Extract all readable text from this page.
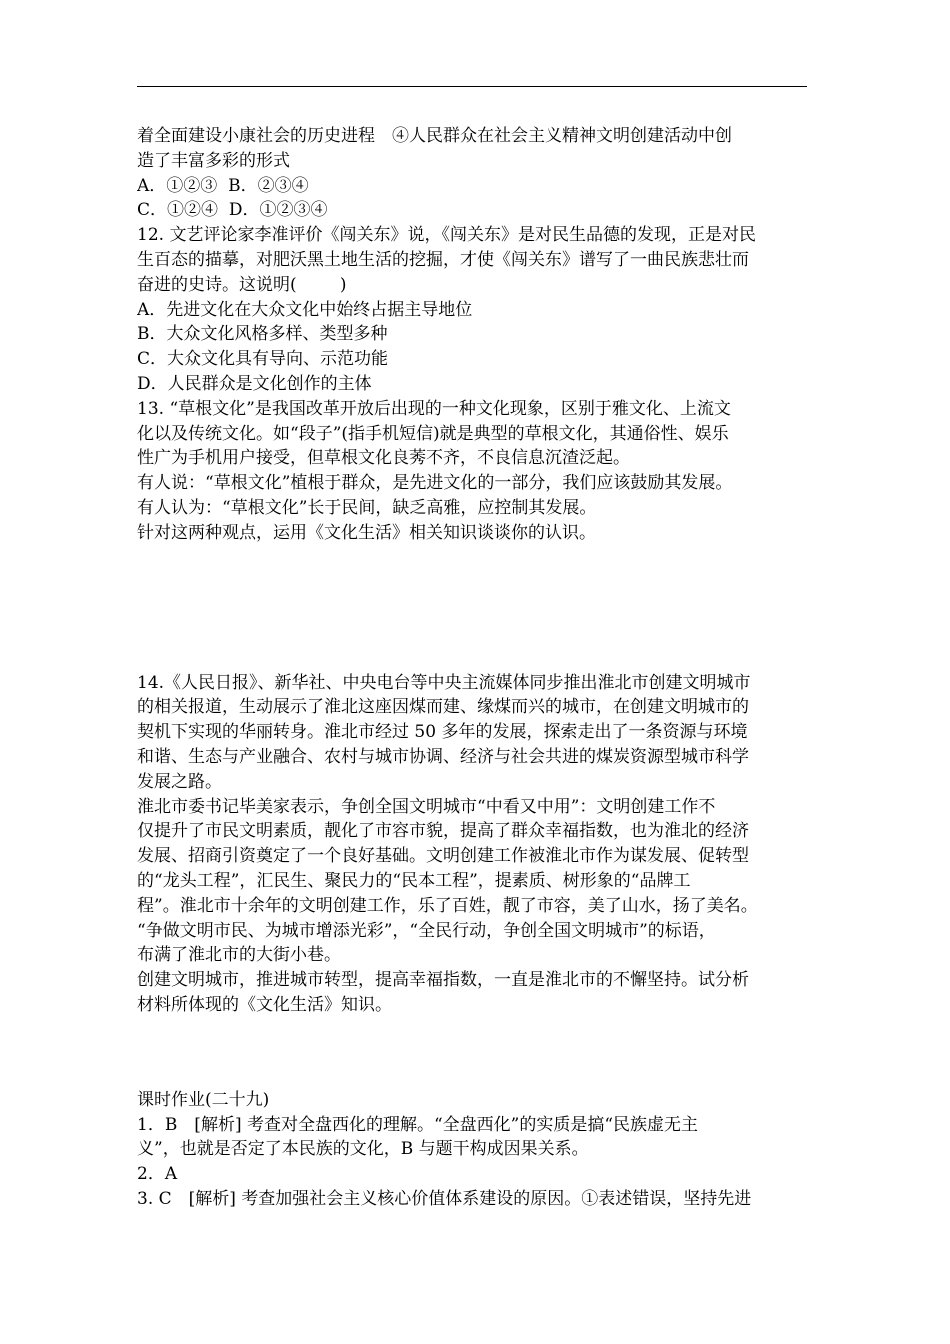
着全面建设小康社会的历史进程　④人民群众在社会主义精神文明创建活动中创
造了丰富多彩的形式
A．①②③  B．②③④
C．①②④  D．①②③④
12. 文艺评论家李准评价《闯关东》说，《闯关东》是对民生品德的发现，正是对民
生百态的描摹，对肥沃黑土地生活的挖掘，才使《闯关东》谱写了一曲民族悲壮而
奋进的史诗。这说明(        )
A．先进文化在大众文化中始终占据主导地位
B．大众文化风格多样、类型多种
C．大众文化具有导向、示范功能
D．人民群众是文化创作的主体
13. “草根文化”是我国改革开放后出现的一种文化现象，区别于雅文化、上流文
化以及传统文化。如“段子”(指手机短信)就是典型的草根文化，其通俗性、娱乐
性广为手机用户接受，但草根文化良莠不齐，不良信息沉渣泛起。
有人说：“草根文化”植根于群众，是先进文化的一部分，我们应该鼓励其发展。
有人认为：“草根文化”长于民间，缺乏高雅，应控制其发展。
针对这两种观点，运用《文化生活》相关知识谈谈你的认识。
14.《人民日报》、新华社、中央电台等中央主流媒体同步推出淮北市创建文明城市
的相关报道，生动展示了淮北这座因煤而建、缘煤而兴的城市，在创建文明城市的
契机下实现的华丽转身。淮北市经过 50 多年的发展，探索走出了一条资源与环境
和谐、生态与产业融合、农村与城市协调、经济与社会共进的煤炭资源型城市科学
发展之路。
淮北市委书记毕美家表示，争创全国文明城市“中看又中用”：文明创建工作不
仅提升了市民文明素质，靓化了市容市貌，提高了群众幸福指数，也为淮北的经济
发展、招商引资奠定了一个良好基础。文明创建工作被淮北市作为谋发展、促转型
的“龙头工程”，汇民生、聚民力的“民本工程”，提素质、树形象的“品牌工
程”。淮北市十余年的文明创建工作，乐了百姓，靓了市容，美了山水，扬了美名。
“争做文明市民、为城市增添光彩”，“全民行动，争创全国文明城市”的标语，
布满了淮北市的大街小巷。
创建文明城市，推进城市转型，提高幸福指数，一直是淮北市的不懈坚持。试分析
材料所体现的《文化生活》知识。
课时作业(二十九)
1．B　[解析] 考查对全盘西化的理解。“全盘西化”的实质是搞“民族虚无主
义”，也就是否定了本民族的文化，B 与题干构成因果关系。
2．A
3. C　[解析] 考查加强社会主义核心价值体系建设的原因。①表述错误，坚持先进
